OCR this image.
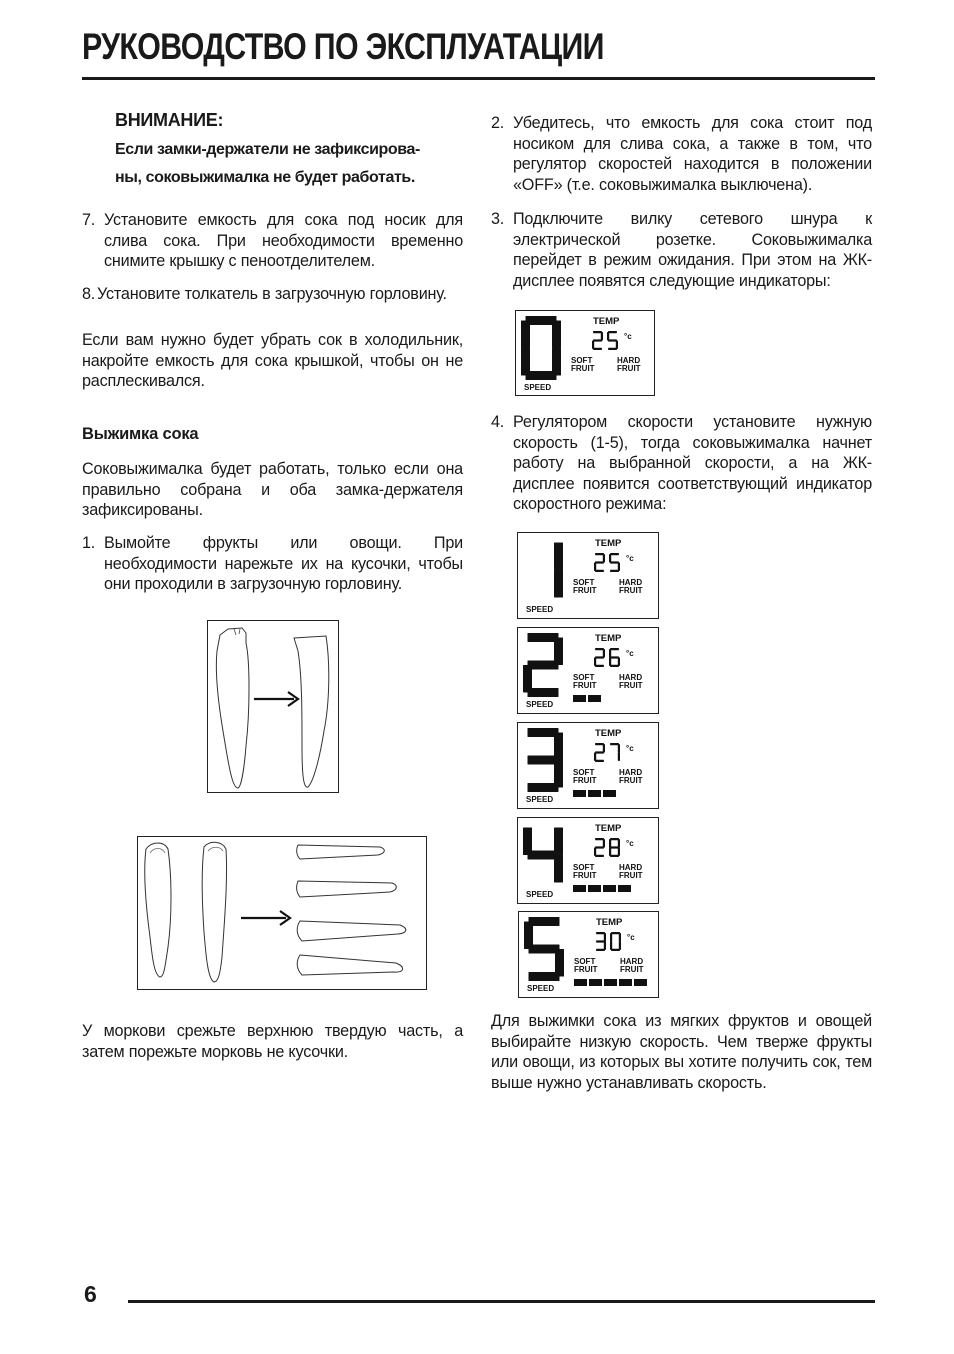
РУКОВОДСТВО ПО ЭКСПЛУАТАЦИИ
ВНИМАНИЕ:
Если замки-держатели не зафиксирова-
ны, соковыжималка не будет работать.
7. Установите емкость для сока под носик для слива сока. При необходимости временно снимите крышку с пеноотделителем.
8. Установите толкатель в загрузочную горловину.
Если вам нужно будет убрать сок в холодильник, накройте емкость для сока крышкой, чтобы он не расплескивался.
Выжимка сока
Соковыжималка будет работать, только если она правильно собрана и оба замка-держателя зафиксированы.
1. Вымойте фрукты или овощи. При необходимости нарежьте их на кусочки, чтобы они проходили в загрузочную горловину.
У моркови срежьте верхнюю твердую часть, а затем порежьте морковь не кусочки.
2. Убедитесь, что емкость для сока стоит под носиком для слива сока, а также в том, что регулятор скоростей находится в положении «OFF» (т.е. соковыжималка выключена).
3. Подключите вилку сетевого шнура к электрической розетке. Соковыжималка перейдет в режим ожидания. При этом на ЖК-дисплее появятся следующие индикаторы:
4. Регулятором скорости установите нужную скорость (1-5), тогда соковыжималка начнет работу на выбранной скорости, а на ЖК-дисплее появится соответствующий индикатор скоростного режима:
Для выжимки сока из мягких фруктов и овощей выбирайте низкую скорость. Чем тверже фрукты или овощи, из которых вы хотите получить сок, тем выше нужно устанавливать скорость.
SPEED
TEMP
°c
SOFT
FRUIT
HARD
FRUIT
SPEED
TEMP
°c
SOFT
FRUIT
HARD
FRUIT
SPEED
TEMP
°c
SOFT
FRUIT
HARD
FRUIT
SPEED
TEMP
°c
SOFT
FRUIT
HARD
FRUIT
SPEED
TEMP
°c
SOFT
FRUIT
HARD
FRUIT
SPEED
TEMP
°c
SOFT
FRUIT
HARD
FRUIT
6
